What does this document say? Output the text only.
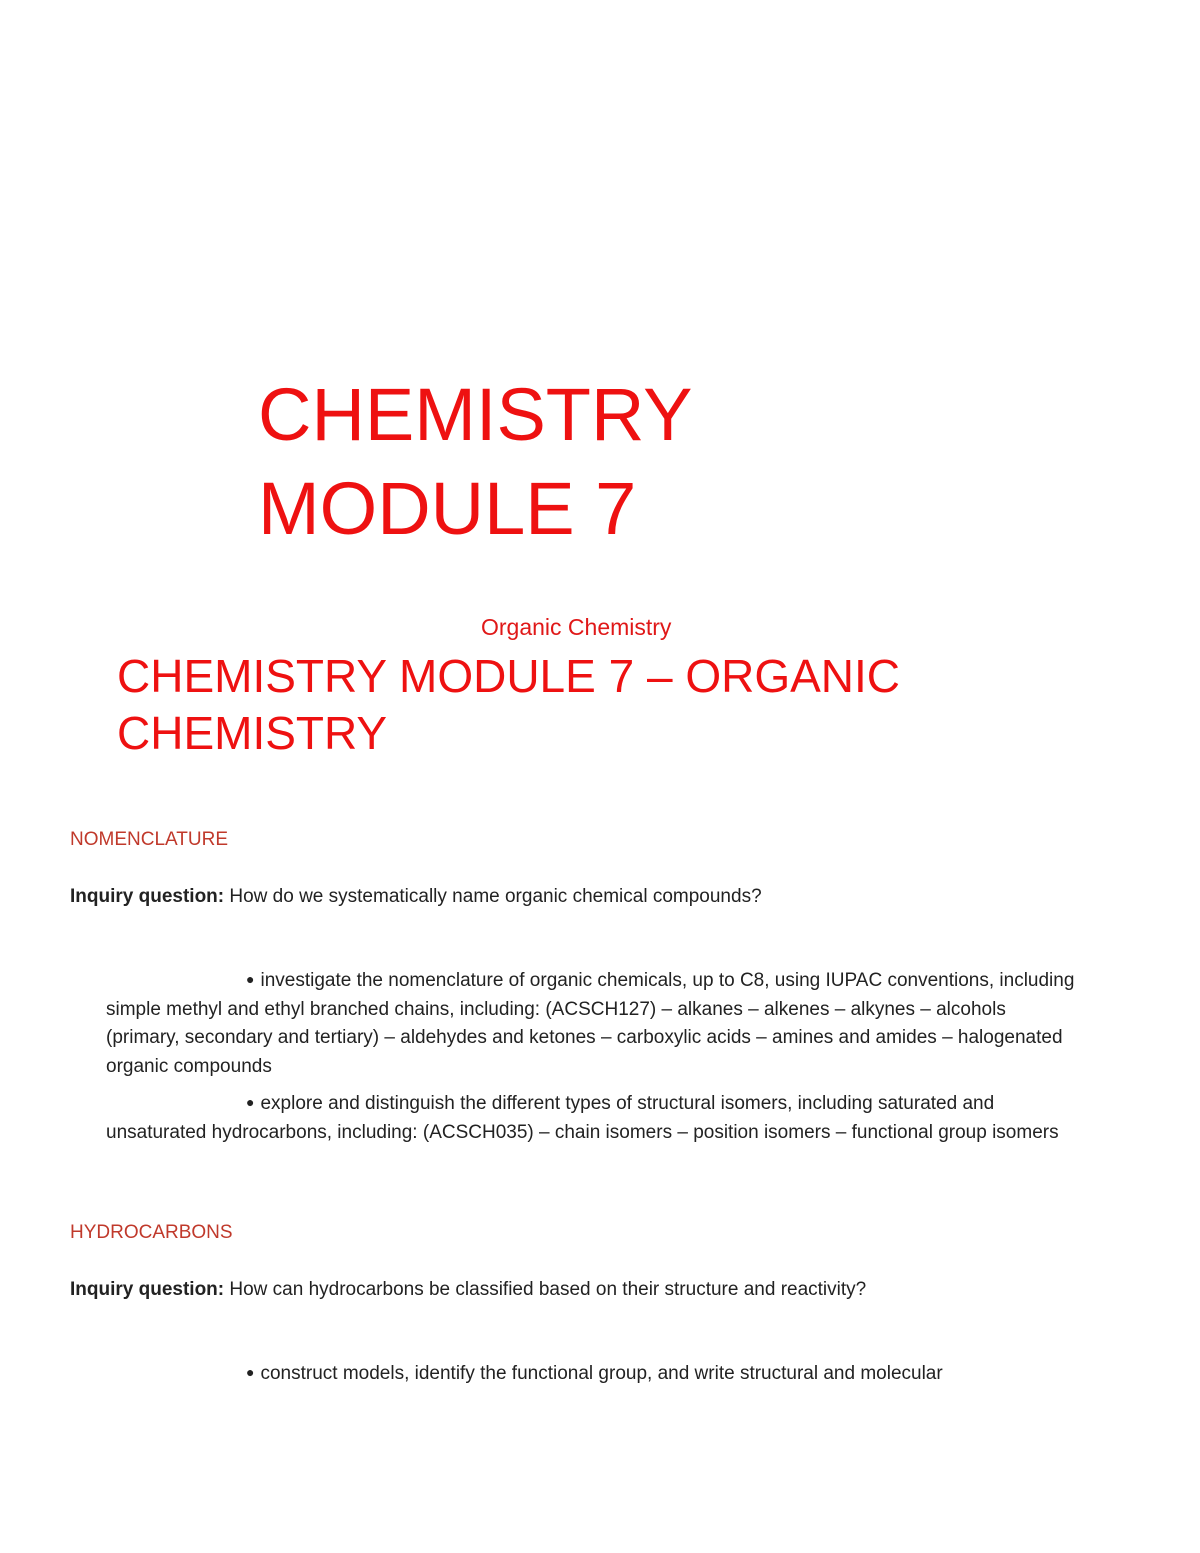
CHEMISTRY
MODULE 7
Organic Chemistry
CHEMISTRY MODULE 7 – ORGANIC CHEMISTRY
NOMENCLATURE
Inquiry question: How do we systematically name organic chemical compounds?
● investigate the nomenclature of organic chemicals, up to C8, using IUPAC conventions, including simple methyl and ethyl branched chains, including: (ACSCH127) – alkanes – alkenes – alkynes – alcohols (primary, secondary and tertiary) – aldehydes and ketones – carboxylic acids – amines and amides – halogenated organic compounds
● explore and distinguish the different types of structural isomers, including saturated and unsaturated hydrocarbons, including: (ACSCH035) – chain isomers – position isomers – functional group isomers
HYDROCARBONS
Inquiry question: How can hydrocarbons be classified based on their structure and reactivity?
● construct models, identify the functional group, and write structural and molecular
